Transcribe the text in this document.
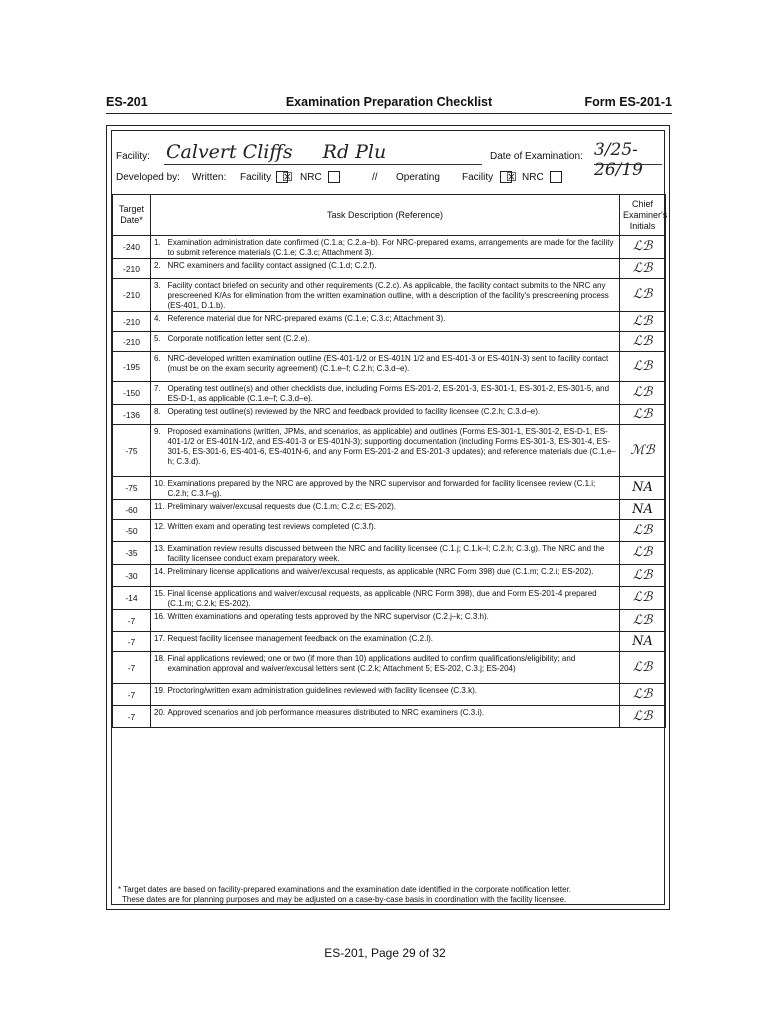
ES-201	Examination Preparation Checklist	Form ES-201-1
Facility: Calvert Cliffs Rd Plu	Date of Examination: 3/25-26/19
Developed by: Written: Facility ☒ NRC	// Operating Facility ☒ NRC
Target Date*	Task Description (Reference)		Chief Examiner's Initials
-240	1.	Examination administration date confirmed (C.1.a; C.2.a–b). For NRC-prepared exams, arrangements are made for the facility to submit reference materials (C.1.e; C.3.c; Attachment 3).	ℒℬ
-210	2.	NRC examiners and facility contact assigned (C.1.d; C.2.f).	ℒℬ
-210	3.	Facility contact briefed on security and other requirements (C.2.c). As applicable, the facility contact submits to the NRC any prescreened K/As for elimination from the written examination outline, with a description of the facility's prescreening process (ES-401, D.1.b).	ℒℬ
-210	4.	Reference material due for NRC-prepared exams (C.1.e; C.3.c; Attachment 3).	ℒℬ
-210	5.	Corporate notification letter sent (C.2.e).	ℒℬ
-195	6.	NRC-developed written examination outline (ES-401-1/2 or ES-401N 1/2 and ES-401-3 or ES-401N-3) sent to facility contact (must be on the exam security agreement) (C.1.e–f; C.2.h; C.3.d–e).	ℒℬ
-150	7.	Operating test outline(s) and other checklists due, including Forms ES-201-2, ES-201-3, ES-301-1, ES-301-2, ES-301-5, and ES-D-1, as applicable (C.1.e–f; C.3.d–e).	ℒℬ
-136	8.	Operating test outline(s) reviewed by the NRC and feedback provided to facility licensee (C.2.h; C.3.d–e).	ℒℬ
-75	9.	Proposed examinations (written, JPMs, and scenarios, as applicable) and outlines (Forms ES-301-1, ES-301-2, ES-D-1, ES-401-1/2 or ES-401N-1/2, and ES-401-3 or ES-401N-3); supporting documentation (including Forms ES-301-3, ES-301-4, ES-301-5, ES-301-6, ES-401-6, ES-401N-6, and any Form ES-201-2 and ES-201-3 updates); and reference materials due (C.1.e–h; C.3.d).	ℳℬ
-75	10.	Examinations prepared by the NRC are approved by the NRC supervisor and forwarded for facility licensee review (C.1.i; C.2.h; C.3.f–g).	NA
-60	11.	Preliminary waiver/excusal requests due (C.1.m; C.2.c; ES-202).	NA
-50	12.	Written exam and operating test reviews completed (C.3.f).	ℒℬ
-35	13.	Examination review results discussed between the NRC and facility licensee (C.1.j; C.1.k–l; C.2.h; C.3.g). The NRC and the facility licensee conduct exam preparatory week.	ℒℬ
-30	14.	Preliminary license applications and waiver/excusal requests, as applicable (NRC Form 398) due (C.1.m; C.2.i; ES-202).	ℒℬ
-14	15.	Final license applications and waiver/excusal requests, as applicable (NRC Form 398), due and Form ES-201-4 prepared (C.1.m; C.2.k; ES-202).	ℒℬ
-7	16.	Written examinations and operating tests approved by the NRC supervisor (C.2.j–k; C.3.h).	ℒℬ
-7	17.	Request facility licensee management feedback on the examination (C.2.l).	NA
-7	18.	Final applications reviewed; one or two (if more than 10) applications audited to confirm qualifications/eligibility; and examination approval and waiver/excusal letters sent (C.2.k; Attachment 5; ES-202, C.3.j; ES-204)	ℒℬ
-7	19.	Proctoring/written exam administration guidelines reviewed with facility licensee (C.3.k).	ℒℬ
-7	20.	Approved scenarios and job performance measures distributed to NRC examiners (C.3.i).	ℒℬ
* Target dates are based on facility-prepared examinations and the examination date identified in the corporate notification letter.
These dates are for planning purposes and may be adjusted on a case-by-case basis in coordination with the facility licensee.
ES-201, Page 29 of 32
